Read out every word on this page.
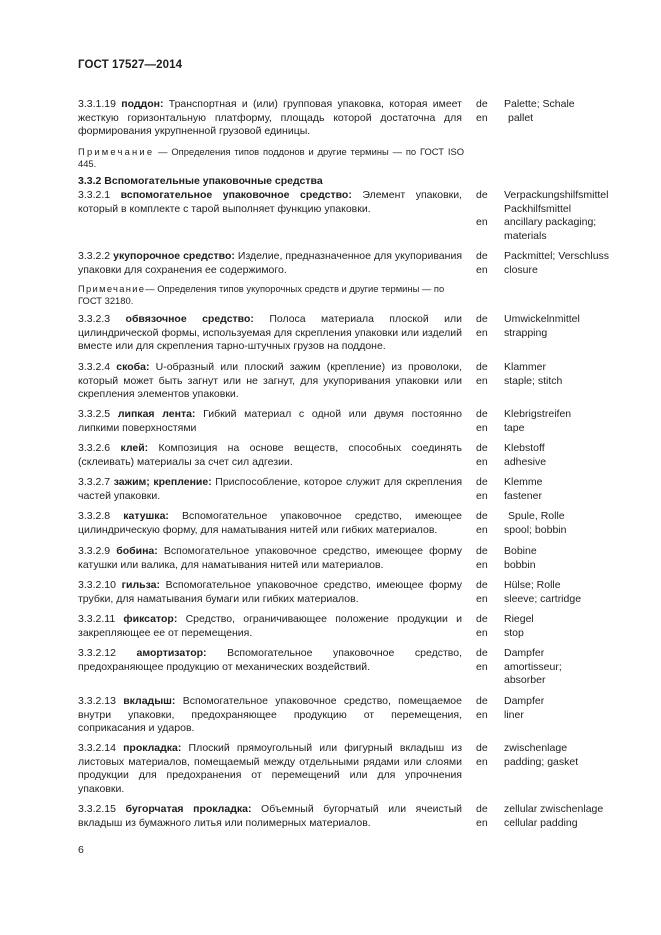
ГОСТ 17527—2014
3.3.1.19 поддон: Транспортная и (или) групповая упаковка, которая имеет жесткую горизонтальную платформу, площадь которой достаточна для формирования укрупненной грузовой единицы.
de
en
Palette; Schale
pallet
Примечание — Определения типов поддонов и другие термины — по ГОСТ ISO 445.
3.3.2 Вспомогательные упаковочные средства
3.3.2.1 вспомогательное упаковочное средство: Элемент упаковки, который в комплекте с тарой выполняет функцию упаковки.
de
en
Verpackungshilfsmittel
Packhilfsmittel
ancillary packaging;
materials
3.3.2.2 укупорочное средство: Изделие, предназначенное для укупоривания упаковки для сохранения ее содержимого.
de
en
Packmittel; Verschluss
closure
Примечание— Определения типов укупорочных средств и другие термины — по ГОСТ 32180.
3.3.2.3 обвязочное средство: Полоса материала плоской или цилиндрической формы, используемая для скрепления упаковки или изделий вместе или для скрепления тарно-штучных грузов на поддоне.
de
en
Umwickelnmittel
strapping
3.3.2.4 скоба: U-образный или плоский зажим (крепление) из проволоки, который может быть загнут или не загнут, для укупоривания упаковки или скрепления элементов упаковки.
de
en
Klammer
staple; stitch
3.3.2.5 липкая лента: Гибкий материал с одной или двумя постоянно липкими поверхностями
de
en
Klebrigstreifen
tape
3.3.2.6 клей: Композиция на основе веществ, способных соединять (склеивать) материалы за счет сил адгезии.
de
en
Klebstoff
adhesive
3.3.2.7 зажим; крепление: Приспособление, которое служит для скрепления частей упаковки.
de
en
Klemme
fastener
3.3.2.8 катушка: Вспомогательное упаковочное средство, имеющее цилиндрическую форму, для наматывания нитей или гибких материалов.
de
en
Spule, Rolle
spool; bobbin
3.3.2.9 бобина: Вспомогательное упаковочное средство, имеющее форму катушки или валика, для наматывания нитей или материалов.
de
en
Bobine
bobbin
3.3.2.10 гильза: Вспомогательное упаковочное средство, имеющее форму трубки, для наматывания бумаги или гибких материалов.
de
en
Hülse; Rolle
sleeve; cartridge
3.3.2.11 фиксатор: Средство, ограничивающее положение продукции и закрепляющее ее от перемещения.
de
en
Riegel
stop
3.3.2.12 амортизатор: Вспомогательное упаковочное средство, предохраняющее продукцию от механических воздействий.
de
en
Dampfer
amortisseur;
absorber
3.3.2.13 вкладыш: Вспомогательное упаковочное средство, помещаемое внутри упаковки, предохраняющее продукцию от перемещения, соприкасания и ударов.
de
en
Dampfer
liner
3.3.2.14 прокладка: Плоский прямоугольный или фигурный вкладыш из листовых материалов, помещаемый между отдельными рядами или слоями продукции для предохранения от перемещений или для упрочнения упаковки.
de
en
zwischenlage
padding; gasket
3.3.2.15 бугорчатая прокладка: Объемный бугорчатый или ячеистый вкладыш из бумажного литья или полимерных материалов.
de
en
zellular zwischenlage
cellular padding
6
